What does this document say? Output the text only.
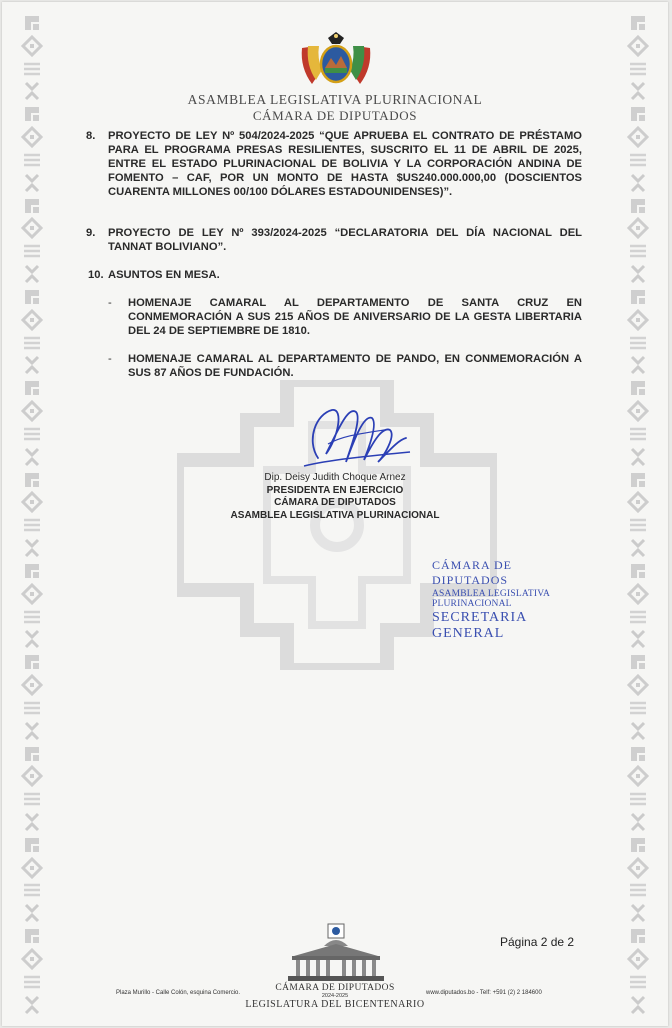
ASAMBLEA LEGISLATIVA PLURINACIONAL
CÁMARA DE DIPUTADOS
8. PROYECTO DE LEY Nº 504/2024-2025 “QUE APRUEBA EL CONTRATO DE PRÉSTAMO PARA EL PROGRAMA PRESAS RESILIENTES, SUSCRITO EL 11 DE ABRIL DE 2025, ENTRE EL ESTADO PLURINACIONAL DE BOLIVIA Y LA CORPORACIÓN ANDINA DE FOMENTO – CAF, POR UN MONTO DE HASTA $US240.000.000,00 (DOSCIENTOS CUARENTA MILLONES 00/100 DÓLARES ESTADOUNIDENSES)”.
9. PROYECTO DE LEY Nº 393/2024-2025 “DECLARATORIA DEL DÍA NACIONAL DEL TANNAT BOLIVIANO”.
10. ASUNTOS EN MESA.
- HOMENAJE CAMARAL AL DEPARTAMENTO DE SANTA CRUZ EN CONMEMORACIÓN A SUS 215 AÑOS DE ANIVERSARIO DE LA GESTA LIBERTARIA DEL 24 DE SEPTIEMBRE DE 1810.
- HOMENAJE CAMARAL AL DEPARTAMENTO DE PANDO, EN CONMEMORACIÓN A SUS 87 AÑOS DE FUNDACIÓN.
Dip. Deisy Judith Choque Arnez
PRESIDENTA EN EJERCICIO
CÁMARA DE DIPUTADOS
ASAMBLEA LEGISLATIVA PLURINACIONAL
CÁMARA DE DIPUTADOS
ASAMBLEA LEGISLATIVA PLURINACIONAL
SECRETARIA GENERAL
Página 2 de 2
CÁMARA DE DIPUTADOS
2024-2025
LEGISLATURA DEL BICENTENARIO
Plaza Murillo - Calle Colón, esquina Comercio.	www.diputados.bo - Telf: +591 (2) 2 184600
